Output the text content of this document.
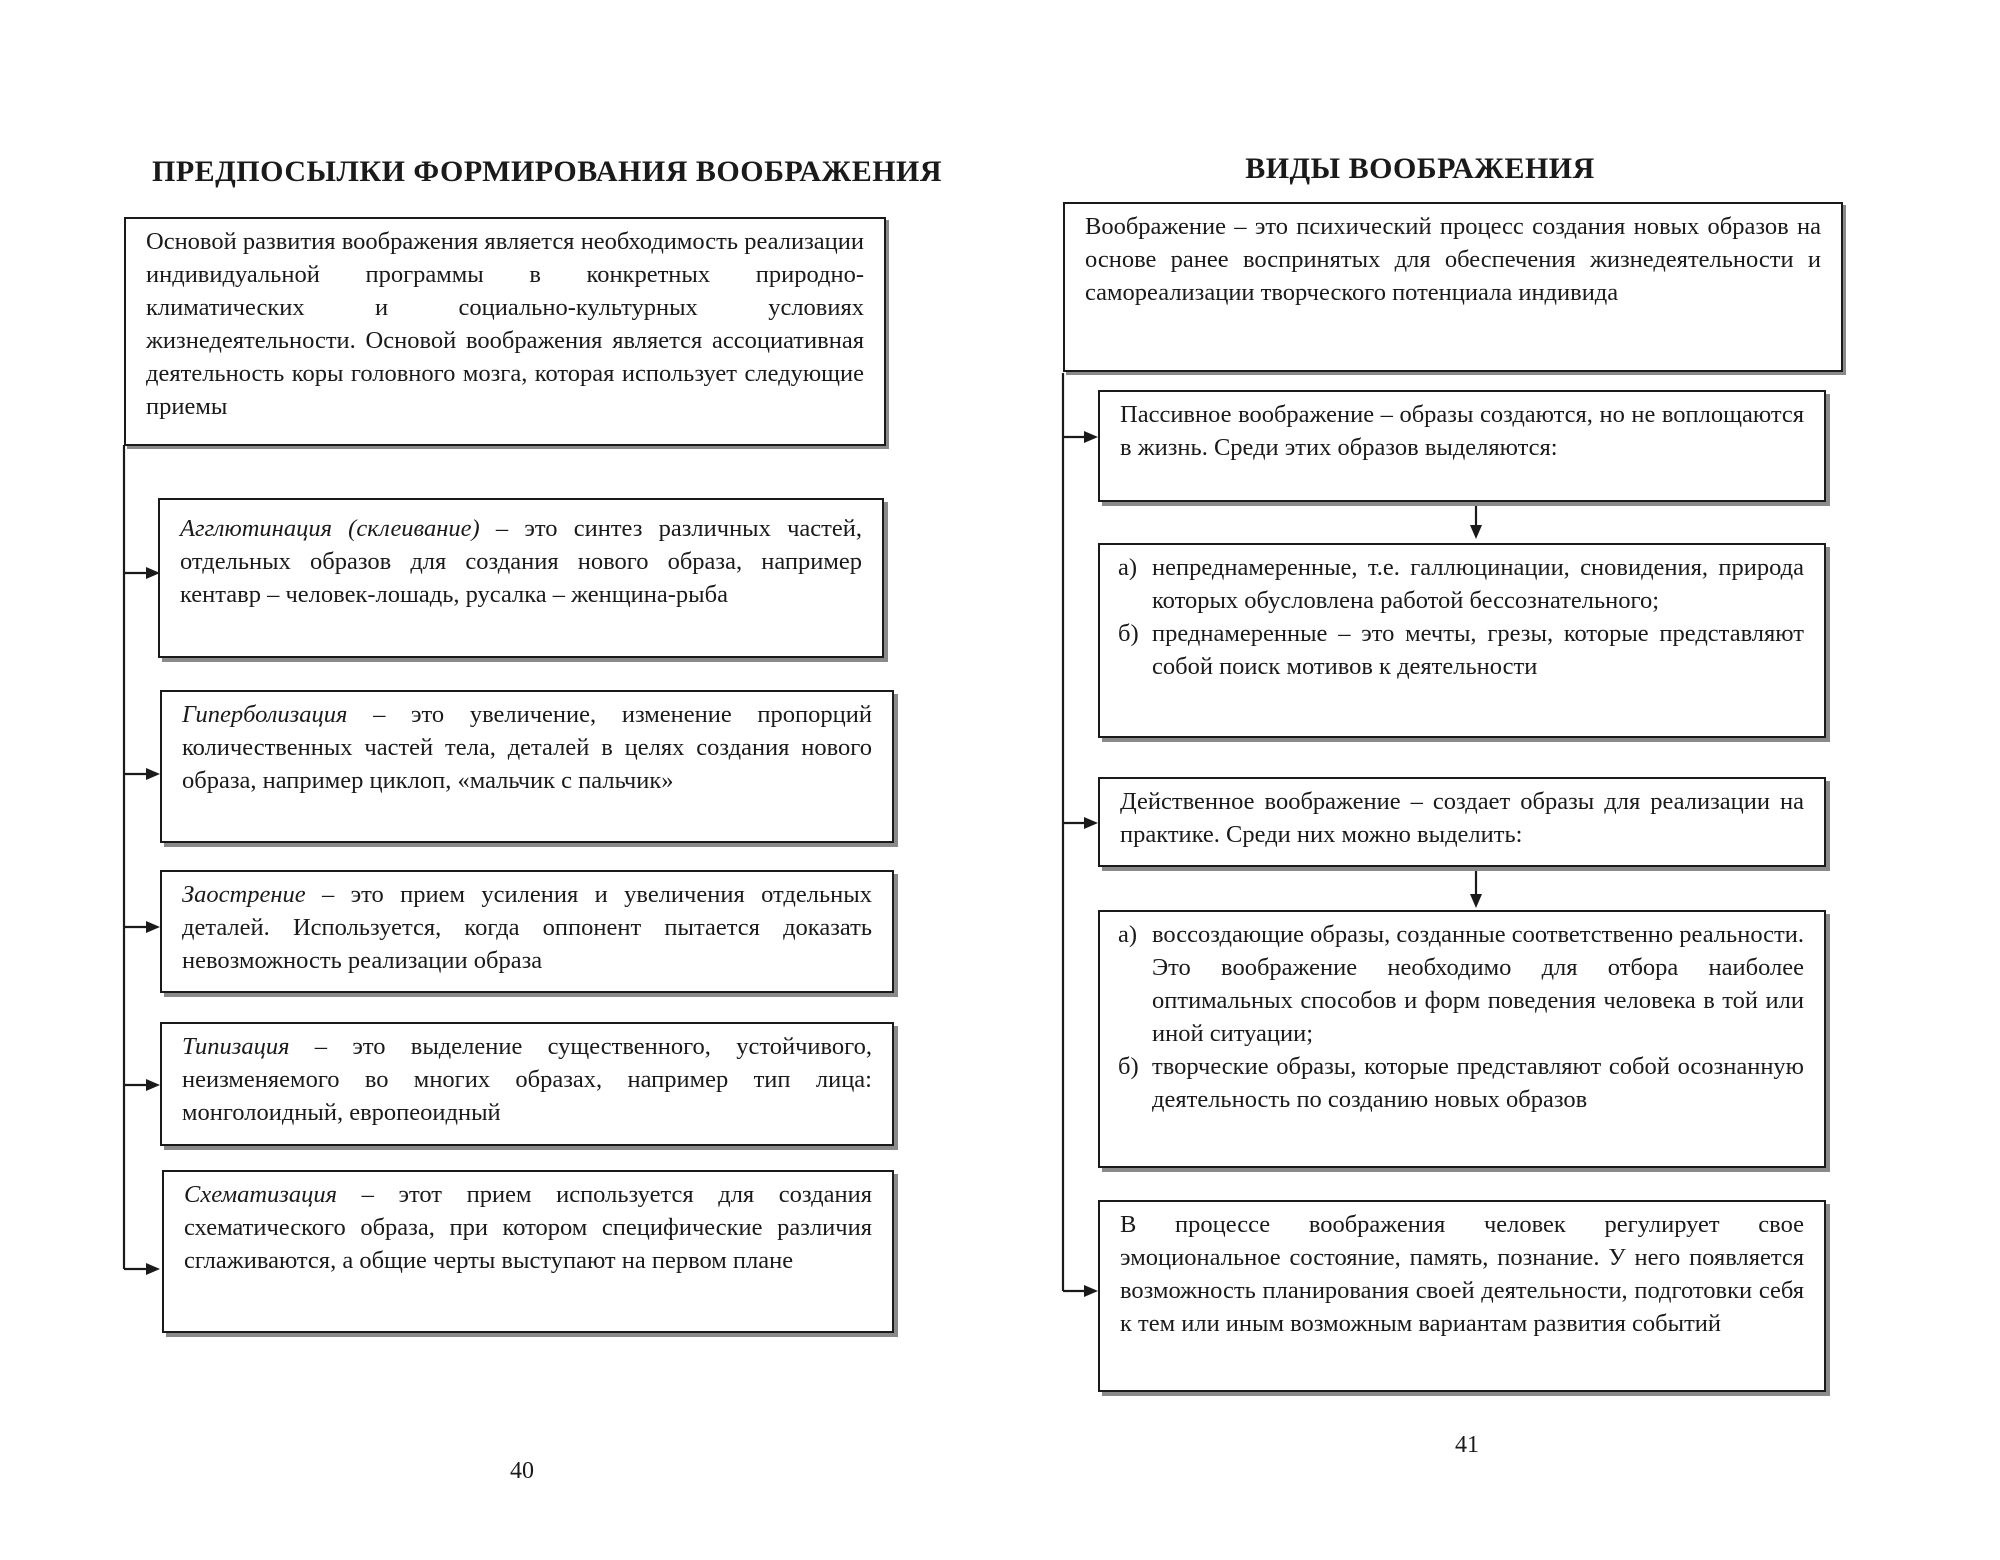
ПРЕДПОСЫЛКИ ФОРМИРОВАНИЯ ВООБРАЖЕНИЯ

Основой развития воображения является необходимость реализации индивидуальной программы в конкретных природно-климатических и социально-культурных условиях жизнедеятельности. Основой воображения является ассоциативная деятельность коры головного мозга, которая использует следующие приемы

Агглютинация (склеивание) – это синтез различных частей, отдельных образов для создания нового образа, например кентавр – человек-лошадь, русалка – женщина-рыба

Гиперболизация – это увеличение, изменение пропорций количественных частей тела, деталей в целях создания нового образа, например циклоп, «мальчик с пальчик»

Заострение – это прием усиления и увеличения отдельных деталей. Используется, когда оппонент пытается доказать невозможность реализации образа

Типизация – это выделение существенного, устойчивого, неизменяемого во многих образах, например тип лица: монголоидный, европеоидный

Схематизация – этот прием используется для создания схематического образа, при котором специфические различия сглаживаются, а общие черты выступают на первом плане

40

ВИДЫ ВООБРАЖЕНИЯ

Воображение – это психический процесс создания новых образов на основе ранее воспринятых для обеспечения жизнедеятельности и самореализации творческого потенциала индивида

Пассивное воображение – образы создаются, но не воплощаются в жизнь. Среди этих образов выделяются:

а) непреднамеренные, т.е. галлюцинации, сновидения, природа которых обусловлена работой бессознательного;
б) преднамеренные – это мечты, грезы, которые представляют собой поиск мотивов к деятельности

Действенное воображение – создает образы для реализации на практике. Среди них можно выделить:

а) воссоздающие образы, созданные соответственно реальности. Это воображение необходимо для отбора наиболее оптимальных способов и форм поведения человека в той или иной ситуации;
б) творческие образы, которые представляют собой осознанную деятельность по созданию новых образов

В процессе воображения человек регулирует свое эмоциональное состояние, память, познание. У него появляется возможность планирования своей деятельности, подготовки себя к тем или иным возможным вариантам развития событий

41
